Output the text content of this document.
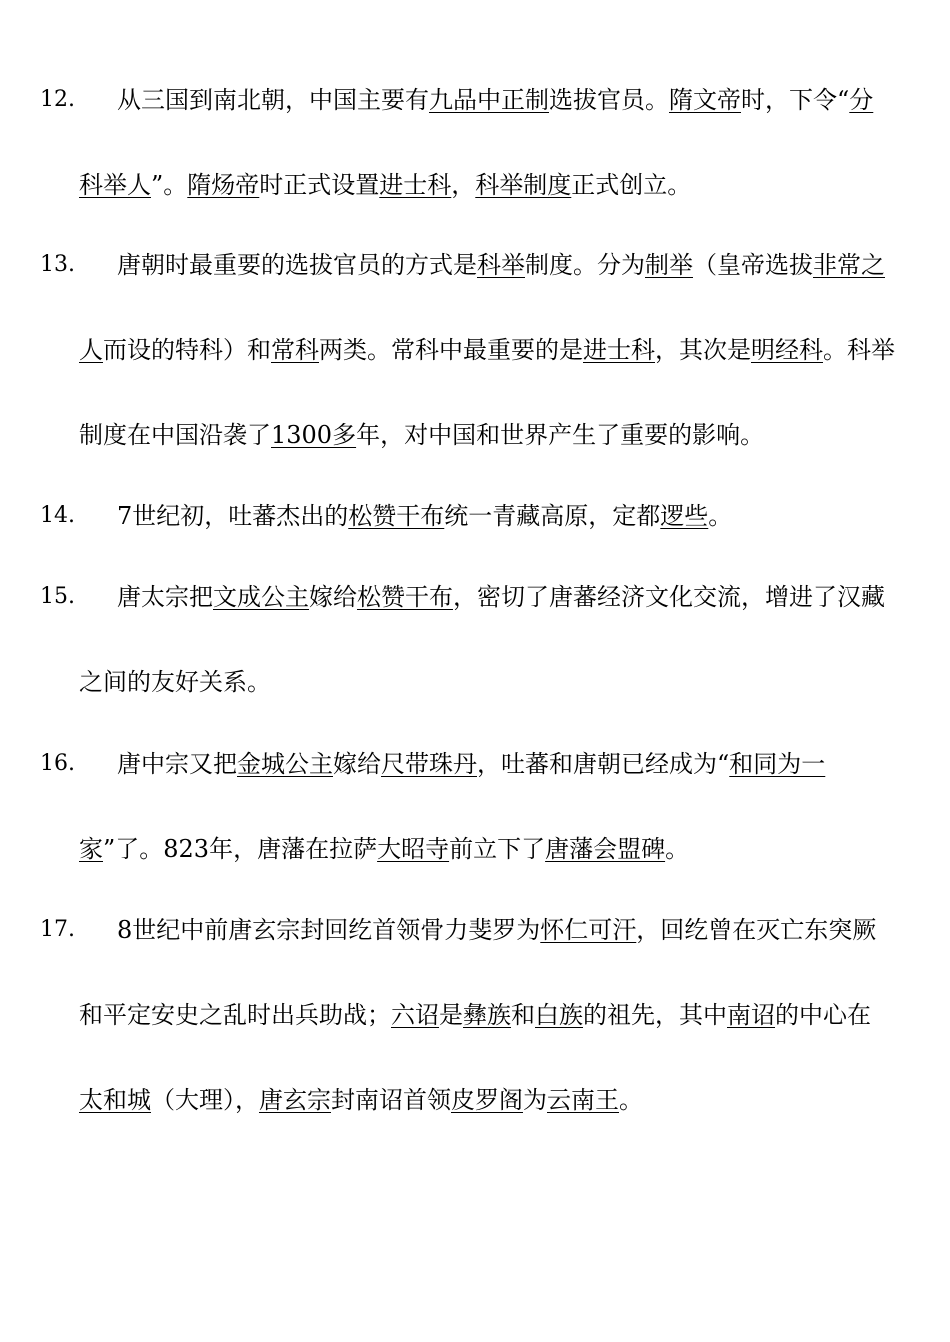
12. 从三国到南北朝，中国主要有九品中正制选拔官员。隋文帝时，下令“分
科举人”。隋炀帝时正式设置进士科，科举制度正式创立。
13. 唐朝时最重要的选拔官员的方式是科举制度。分为制举（皇帝选拔非常之
人而设的特科）和常科两类。常科中最重要的是进士科，其次是明经科。科举
制度在中国沿袭了1300多年，对中国和世界产生了重要的影响。
14. 7世纪初，吐蕃杰出的松赞干布统一青藏高原，定都逻些。
15. 唐太宗把文成公主嫁给松赞干布，密切了唐蕃经济文化交流，增进了汉藏
之间的友好关系。
16. 唐中宗又把金城公主嫁给尺带珠丹，吐蕃和唐朝已经成为“和同为一
家”了。823年，唐藩在拉萨大昭寺前立下了唐藩会盟碑。
17. 8世纪中前唐玄宗封回纥首领骨力斐罗为怀仁可汗，回纥曾在灭亡东突厥
和平定安史之乱时出兵助战；六诏是彝族和白族的祖先，其中南诏的中心在
太和城（大理），唐玄宗封南诏首领皮罗阁为云南王。
